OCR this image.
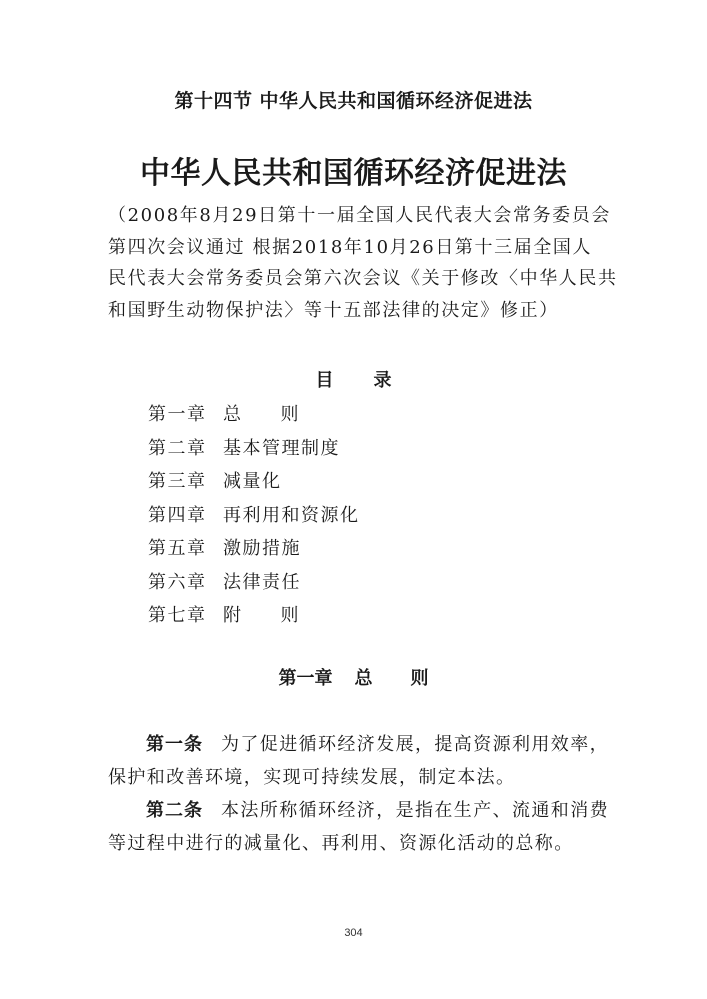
第十四节 中华人民共和国循环经济促进法
中华人民共和国循环经济促进法
（2008年8月29日第十一届全国人民代表大会常务委员会
第四次会议通过 根据2018年10月26日第十三届全国人
民代表大会常务委员会第六次会议《关于修改〈中华人民共
和国野生动物保护法〉等十五部法律的决定》修正）
目 录
第一章 总 则
第二章 基本管理制度
第三章 减量化
第四章 再利用和资源化
第五章 激励措施
第六章 法律责任
第七章 附 则
第一章 总 则
第一条 为了促进循环经济发展，提高资源利用效率，
保护和改善环境，实现可持续发展，制定本法。
第二条 本法所称循环经济，是指在生产、流通和消费
等过程中进行的减量化、再利用、资源化活动的总称。
304
